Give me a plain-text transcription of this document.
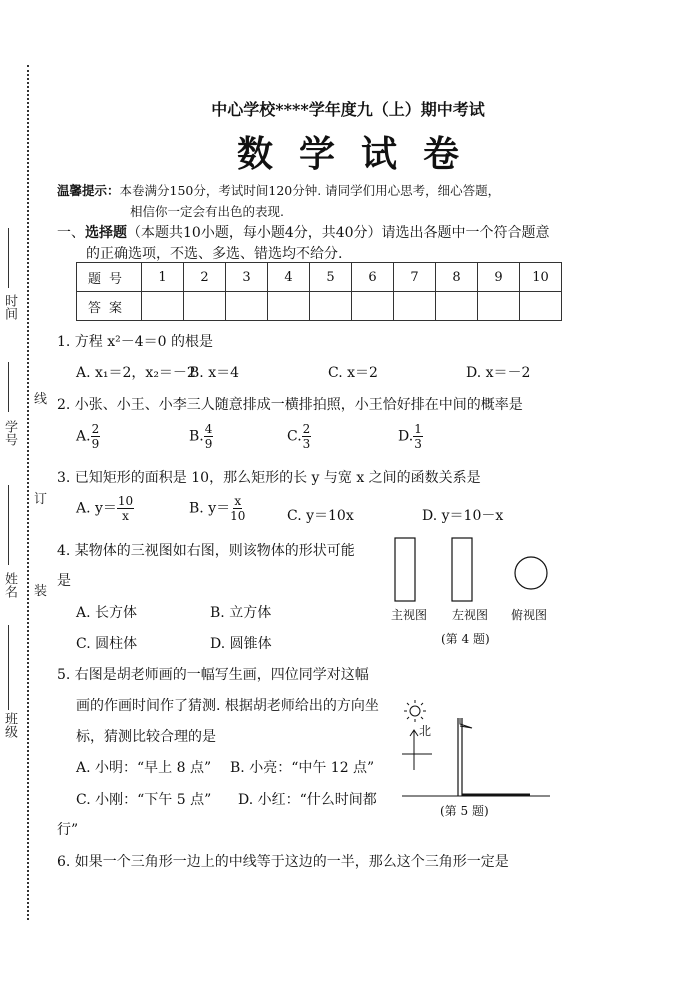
时间
学号
姓名
班级
线
订
装
中心学校****学年度九（上）期中考试
数学试卷
温馨提示：本卷满分150分，考试时间120分钟. 请同学们用心思考，细心答题，
相信你一定会有出色的表现.
一、选择题（本题共10小题，每小题4分，共40分）请选出各题中一个符合题意
的正确选项，不选、多选、错选均不给分.
题号	1	2	3	4	5	6	7	8	9	10
答案										
1. 方程 x²－4＝0 的根是
A. x₁＝2，x₂＝－2
B. x＝4	C. x＝2	D. x＝－2
2. 小张、小王、小李三人随意排成一横排拍照，小王恰好排在中间的概率是
A. $\frac{2}{9}$	B. $\frac{4}{9}$	C. $\frac{2}{3}$	D. $\frac{1}{3}$
3. 已知矩形的面积是 10，那么矩形的长 y 与宽 x 之间的函数关系是
A. $y= \frac{10}{x}$	B. $y= \frac{x}{10}$	C. y＝10x	D. y＝10－x
4. 某物体的三视图如右图，则该物体的形状可能
是
A. 长方体	B. 立方体
C. 圆柱体	D. 圆锥体
主视图 左视图 俯视图
(第 4 题)
5. 右图是胡老师画的一幅写生画，四位同学对这幅
画的作画时间作了猜测. 根据胡老师给出的方向坐
标，猜测比较合理的是
A. 小明：“早上 8 点” B. 小亮：“中午 12 点”
C. 小刚：“下午 5 点” D. 小红：“什么时间都
行”
北
(第 5 题)
6. 如果一个三角形一边上的中线等于这边的一半，那么这个三角形一定是
